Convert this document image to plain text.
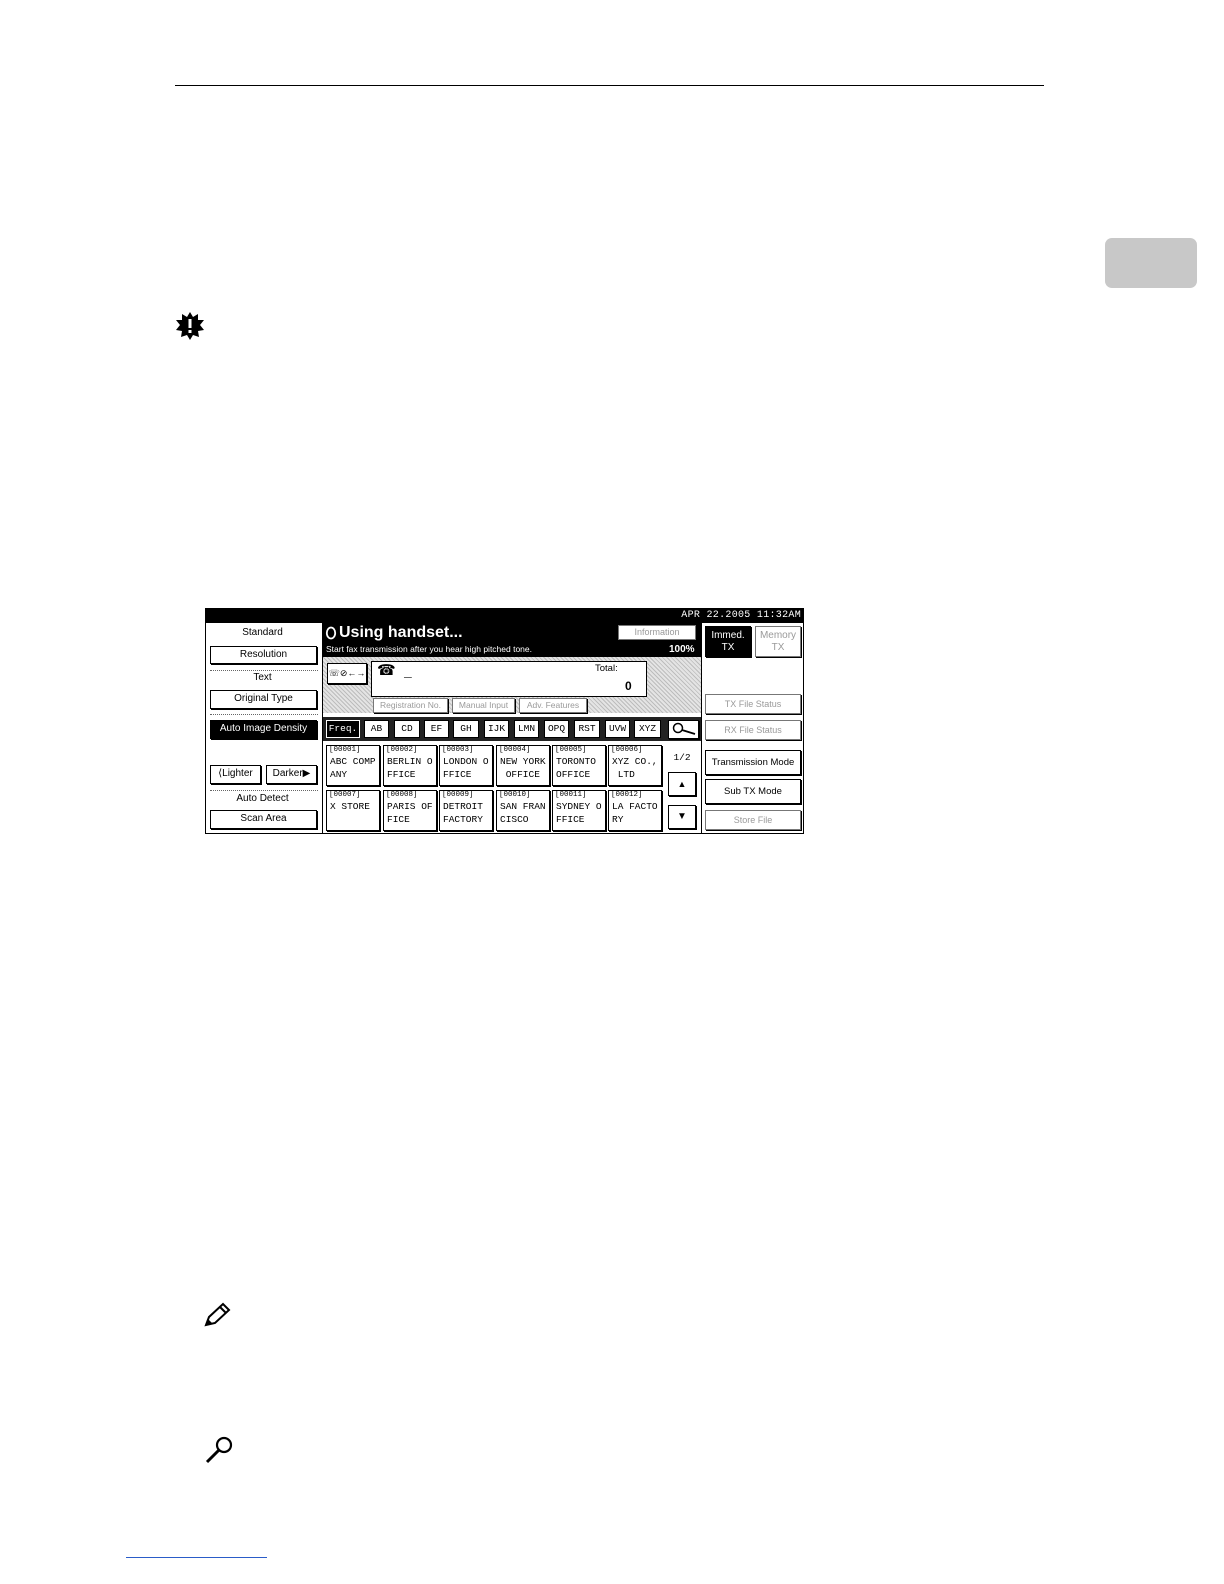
APR 22.2005 11:32AM
Standard
Resolution
Text
Original Type
Auto Image Density
⟨Lighter	Darker▶
Auto Detect
Scan Area
Using handset...
Start fax transmission after you hear high pitched tone.	100%
Information
☏⊘←→ ☎ _	Total:
0
Registration No.	Manual Input	Adv. Features
Freq.	AB	CD	EF	GH	IJK	LMN	OPQ	RST	UVW	XYZ
[00001]
ABC COMP
ANY
[00002]
BERLIN O
FFICE
[00003]
LONDON O
FFICE
[00004]
NEW YORK
OFFICE
[00005]
TORONTO
OFFICE
[00006]
XYZ CO.,
LTD
[00007]
X STORE
[00008]
PARIS OF
FICE
[00009]
DETROIT
FACTORY
[00010]
SAN FRAN
CISCO
[00011]
SYDNEY O
FFICE
[00012]
LA FACTO
RY
1/2
▲
▼
Immed.
TX
Memory
TX
TX File Status
RX File Status
Transmission Mode
Sub TX Mode
Store File
